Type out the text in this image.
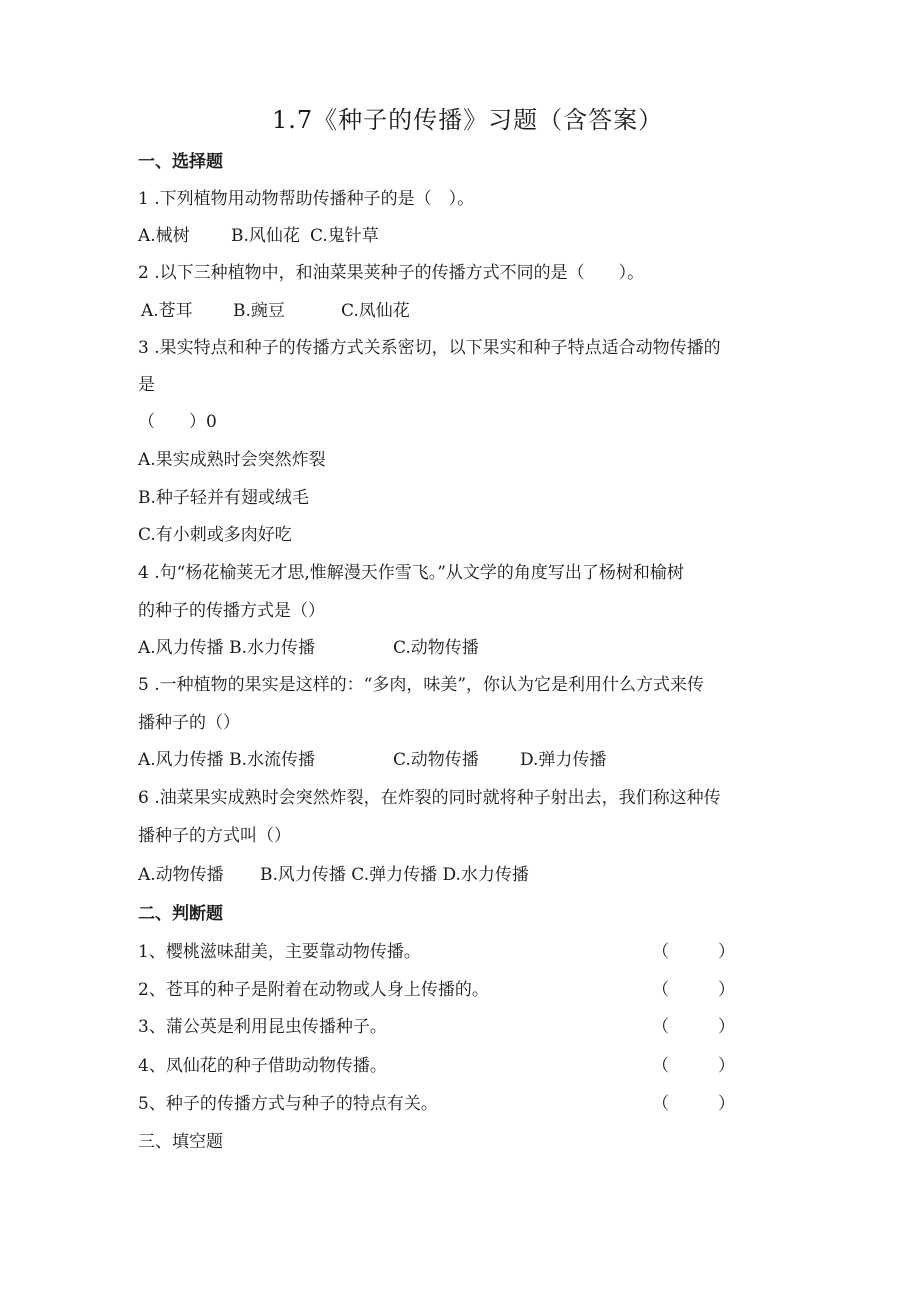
1.7《种子的传播》习题（含答案）
一、选择题
1 .下列植物用动物帮助传播种子的是（　）。
A.械树 B.风仙花 C.鬼针草
2 .以下三种植物中，和油菜果荚种子的传播方式不同的是（　　）。
A.苍耳 B.豌豆	C.凤仙花
3 .果实特点和种子的传播方式关系密切，以下果实和种子特点适合动物传播的
是
（　　）0
A.果实成熟时会突然炸裂
B.种子轻并有翅或绒毛
C.有小刺或多肉好吃
4 .句“杨花榆荚无才思,惟解漫天作雪飞。”从文学的角度写出了杨树和榆树
的种子的传播方式是（）
A.风力传播 B.水力传播	C.动物传播
5 .一种植物的果实是这样的：“多肉，味美”，你认为它是利用什么方式来传
播种子的（）
A.风力传播 B.水流传播	C.动物传播 D.弹力传播
6 .油菜果实成熟时会突然炸裂，在炸裂的同时就将种子射出去，我们称这种传
播种子的方式叫（）
A.动物传播 B.风力传播 C.弹力传播 D.水力传播
二、判断题
1、樱桃滋味甜美，主要靠动物传播。	（	）
2、苍耳的种子是附着在动物或人身上传播的。	（	）
3、蒲公英是利用昆虫传播种子。	（	）
4、凤仙花的种子借助动物传播。	（	）
5、种子的传播方式与种子的特点有关。	（	）
三、填空题
